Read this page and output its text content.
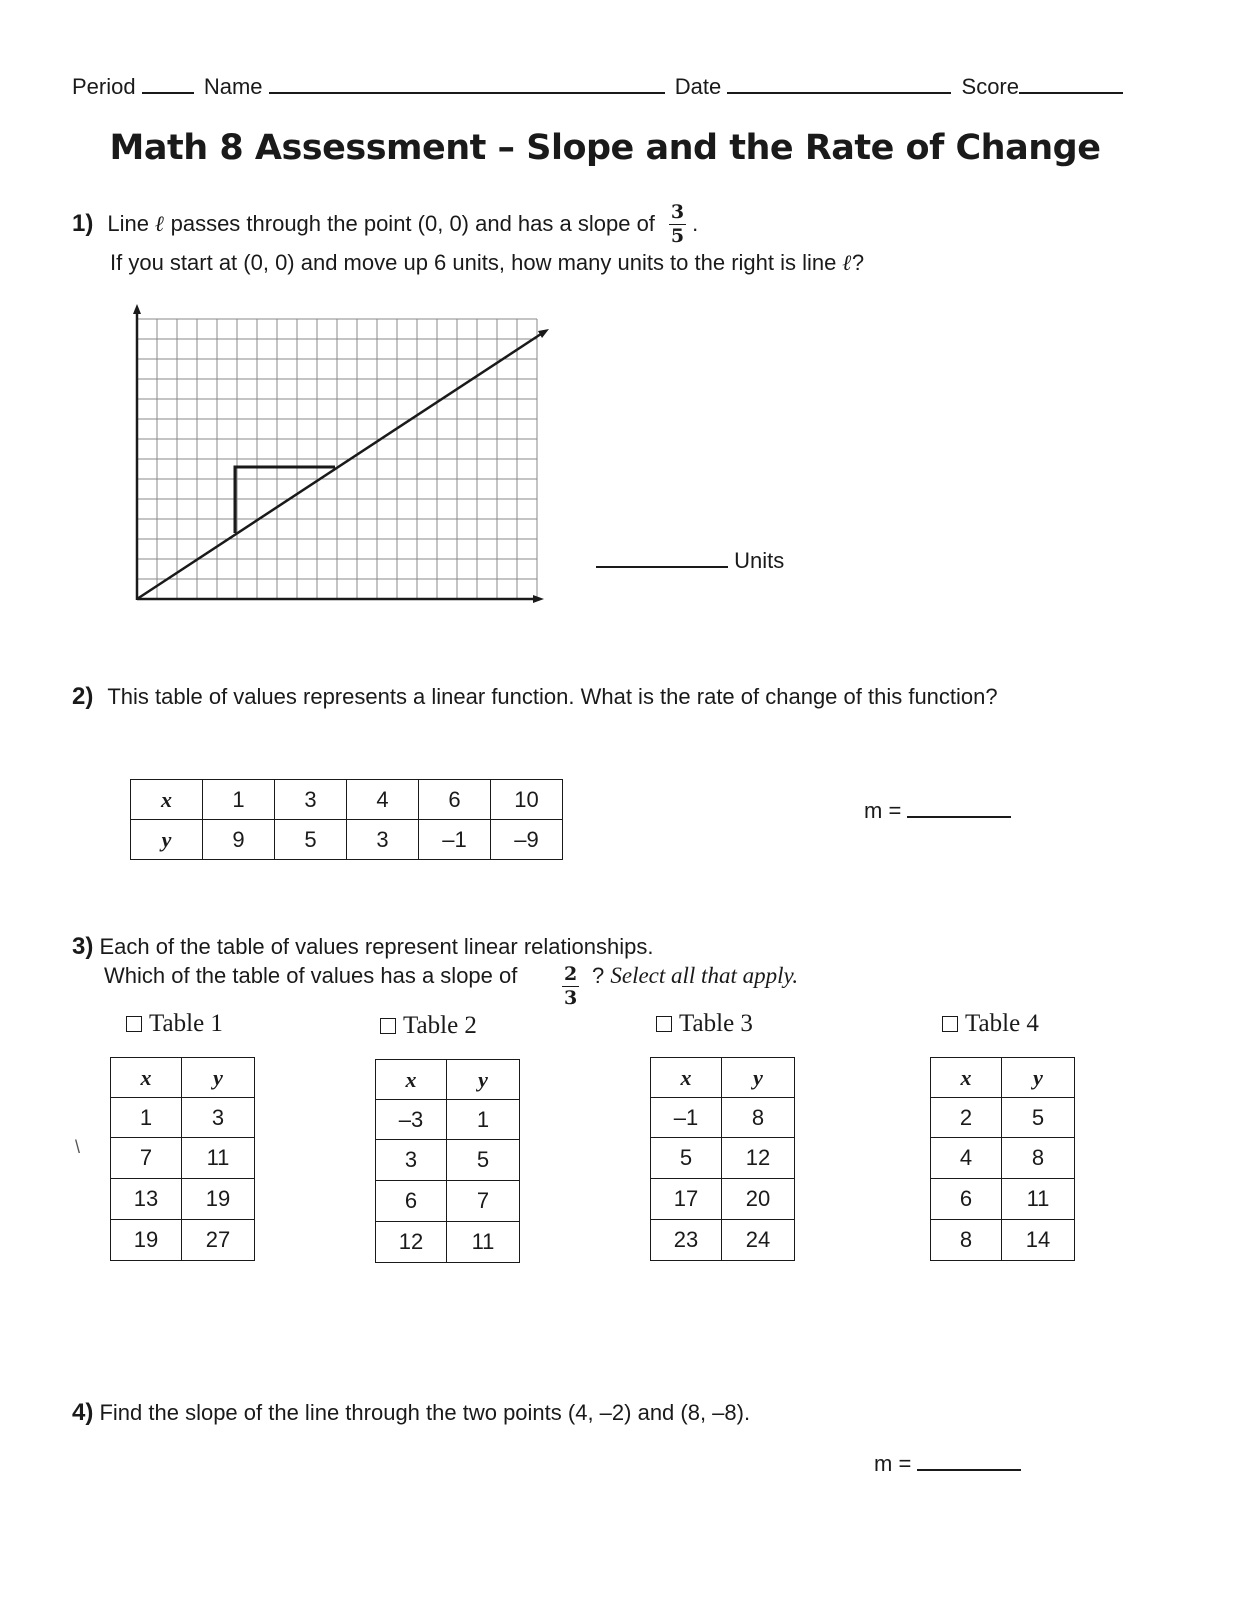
Period	Name	Date	Score
Math 8 Assessment – Slope and the Rate of Change
1) Line
ℓ
passes through the point (0, 0) and has a slope of $\frac{3}{5}$ .
If you start at (0, 0) and move up 6 units, how many units to the right is line ℓ?
Units
2) This table of values represents a linear function. What is the rate of change of this function?
x	1	3	4	6	10
y	9	5	3	–1	–9
m =
3) Each of the table of values represent linear relationships.
Which of the table of values has a slope of $\frac{2}{3}$ ? Select all that apply.
\
Table 1
x	y
1	3
7	11
13	19
19	27
Table 2
x	y
–3	1
3	5
6	7
12	11
Table 3
x	y
–1	8
5	12
17	20
23	24
Table 4
x	y
2	5
4	8
6	11
8	14
4) Find the slope of the line through the two points (4, –2) and (8, –8).
m =
